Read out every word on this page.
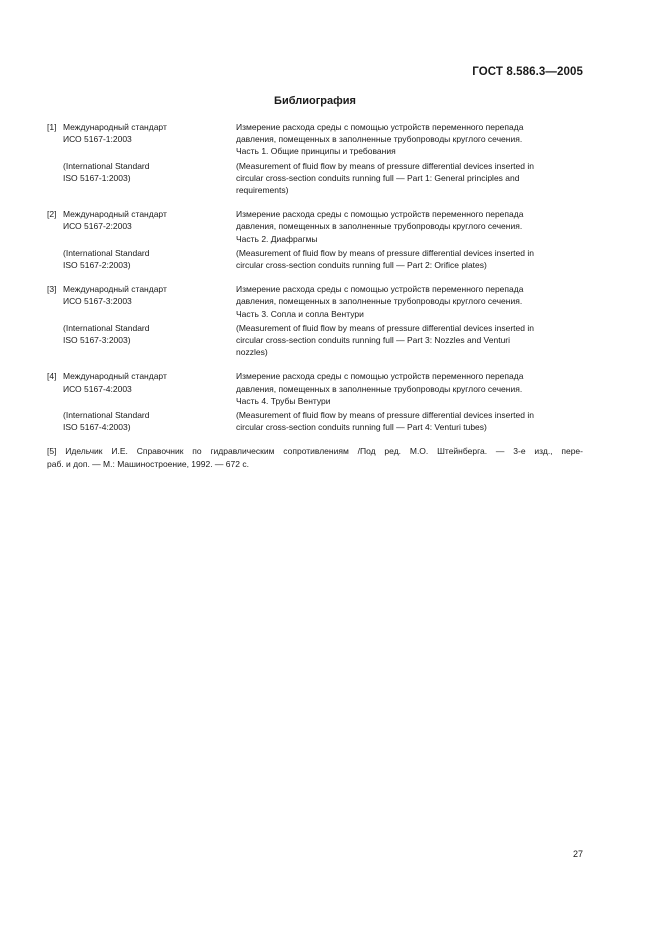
ГОСТ 8.586.3—2005
Библиография
[1] Международный стандарт
ИСО 5167-1:2003
Измерение расхода среды с помощью устройств переменного перепада
давления, помещенных в заполненные трубопроводы круглого сечения.
Часть 1. Общие принципы и требования
(International Standard
ISO 5167-1:2003)
(Measurement of fluid flow by means of pressure differential devices inserted in
circular cross-section conduits running full — Part 1: General principles and
requirements)
[2] Международный стандарт
ИСО 5167-2:2003
Измерение расхода среды с помощью устройств переменного перепада
давления, помещенных в заполненные трубопроводы круглого сечения.
Часть 2. Диафрагмы
(International Standard
ISO 5167-2:2003)
(Measurement of fluid flow by means of pressure differential devices inserted in
circular cross-section conduits running full — Part 2: Orifice plates)
[3] Международный стандарт
ИСО 5167-3:2003
Измерение расхода среды с помощью устройств переменного перепада
давления, помещенных в заполненные трубопроводы круглого сечения.
Часть 3. Сопла и сопла Вентури
(International Standard
ISO 5167-3:2003)
(Measurement of fluid flow by means of pressure differential devices inserted in
circular cross-section conduits running full — Part 3: Nozzles and Venturi
nozzles)
[4] Международный стандарт
ИСО 5167-4:2003
Измерение расхода среды с помощью устройств переменного перепада
давления, помещенных в заполненные трубопроводы круглого сечения.
Часть 4. Трубы Вентури
(International Standard
ISO 5167-4:2003)
(Measurement of fluid flow by means of pressure differential devices inserted in
circular cross-section conduits running full — Part 4: Venturi tubes)
[5] Идельчик И.Е. Справочник по гидравлическим сопротивлениям /Под ред. М.О. Штейнберга. — 3-е изд., пере-
раб. и доп. — М.: Машиностроение, 1992. — 672 с.
27
